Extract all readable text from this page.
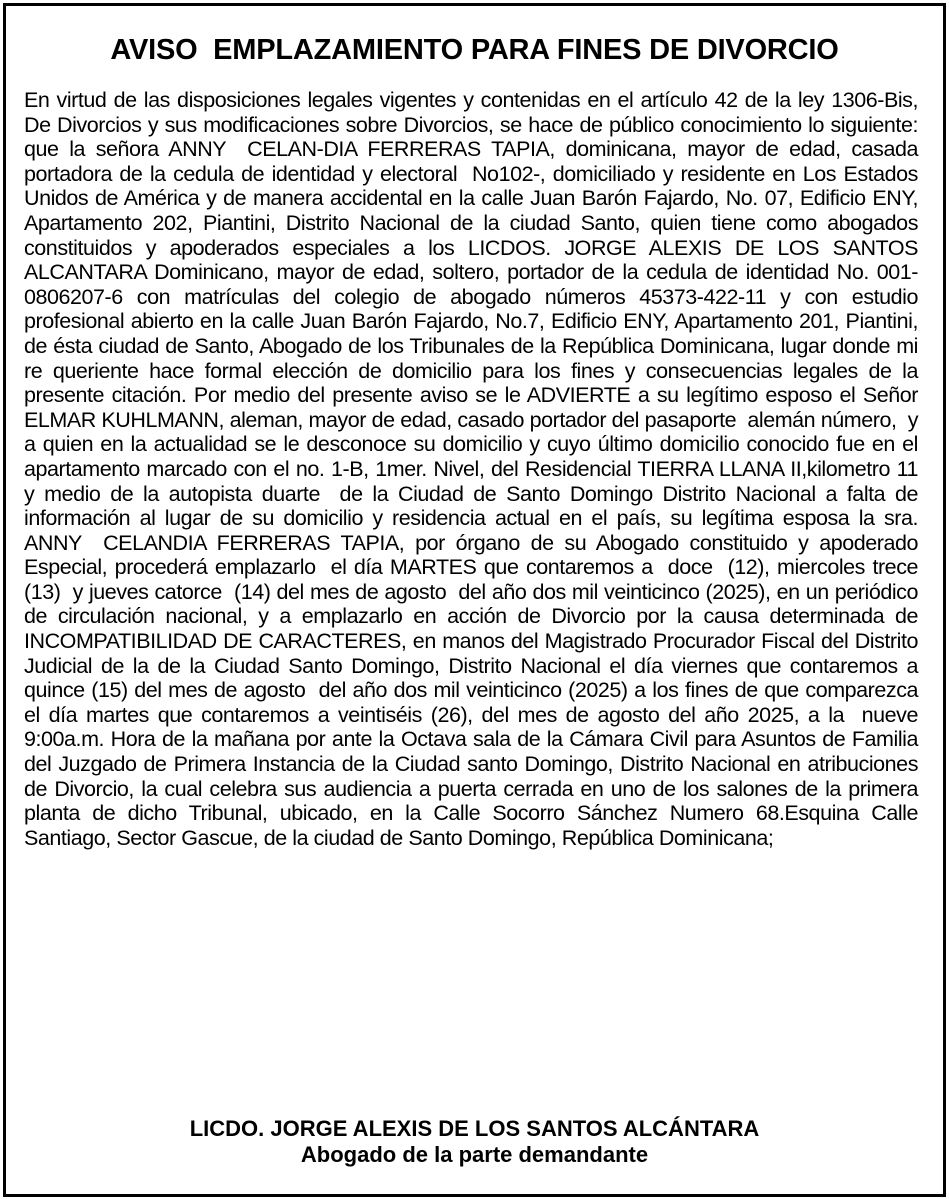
AVISO  EMPLAZAMIENTO PARA FINES DE DIVORCIO
En virtud de las disposiciones legales vigentes y contenidas en el artículo 42 de la ley 1306-Bis, De Divorcios y sus modificaciones sobre Divorcios, se hace de público conocimiento lo siguiente: que la señora ANNY  CELAN-DIA FERRERAS TAPIA, dominicana, mayor de edad, casada portadora de la cedula de identidad y electoral  No102-, domiciliado y residente en Los Estados Unidos de América y de manera accidental en la calle Juan Barón Fajardo, No. 07, Edificio ENY, Apartamento 202, Piantini, Distrito Nacional de la ciudad Santo, quien tiene como abogados constituidos y apoderados especiales a los LICDOS. JORGE ALEXIS DE LOS SANTOS ALCANTARA Dominicano, mayor de edad, soltero, portador de la cedula de identidad No. 001-0806207-6 con matrículas del colegio de abogado números 45373-422-11 y con estudio profesional abierto en la calle Juan Barón Fajardo, No.7, Edificio ENY, Apartamento 201, Piantini, de ésta ciudad de Santo, Abogado de los Tribunales de la República Dominicana, lugar donde mi re queriente hace formal elección de domicilio para los fines y consecuencias legales de la presente citación. Por medio del presente aviso se le ADVIERTE a su legítimo esposo el Señor  ELMAR KUHLMANN, aleman, mayor de edad, casado portador del pasaporte  alemán número,  y a quien en la actualidad se le desconoce su domicilio y cuyo último domicilio conocido fue en el apartamento marcado con el no. 1-B, 1mer. Nivel, del Residencial TIERRA LLANA II,kilometro 11 y medio de la autopista duarte  de la Ciudad de Santo Domingo Distrito Nacional a falta de información al lugar de su domicilio y residencia actual en el país, su legítima esposa la sra. ANNY  CELANDIA FERRERAS TAPIA, por órgano de su Abogado constituido y apoderado Especial, procederá emplazarlo  el día MARTES que contaremos a  doce  (12), miercoles trece  (13)  y jueves catorce  (14) del mes de agosto  del año dos mil veinticinco (2025), en un periódico de circulación nacional, y a emplazarlo en acción de Divorcio por la causa determinada de INCOMPATIBILIDAD DE CARACTERES, en manos del Magistrado Procurador Fiscal del Distrito Judicial de la de la Ciudad Santo Domingo, Distrito Nacional el día viernes que contaremos a quince (15) del mes de agosto  del año dos mil veinticinco (2025) a los fines de que comparezca el día martes que contaremos a veintiséis (26), del mes de agosto del año 2025, a la  nueve 9:00a.m. Hora de la mañana por ante la Octava sala de la Cámara Civil para Asuntos de Familia del Juzgado de Primera Instancia de la Ciudad santo Domingo, Distrito Nacional en atribuciones de Divorcio, la cual celebra sus audiencia a puerta cerrada en uno de los salones de la primera planta de dicho Tribunal, ubicado, en la Calle Socorro Sánchez Numero 68.Esquina Calle Santiago, Sector Gascue, de la ciudad de Santo Domingo, República Dominicana;
LICDO. JORGE ALEXIS DE LOS SANTOS ALCÁNTARA
Abogado de la parte demandante
